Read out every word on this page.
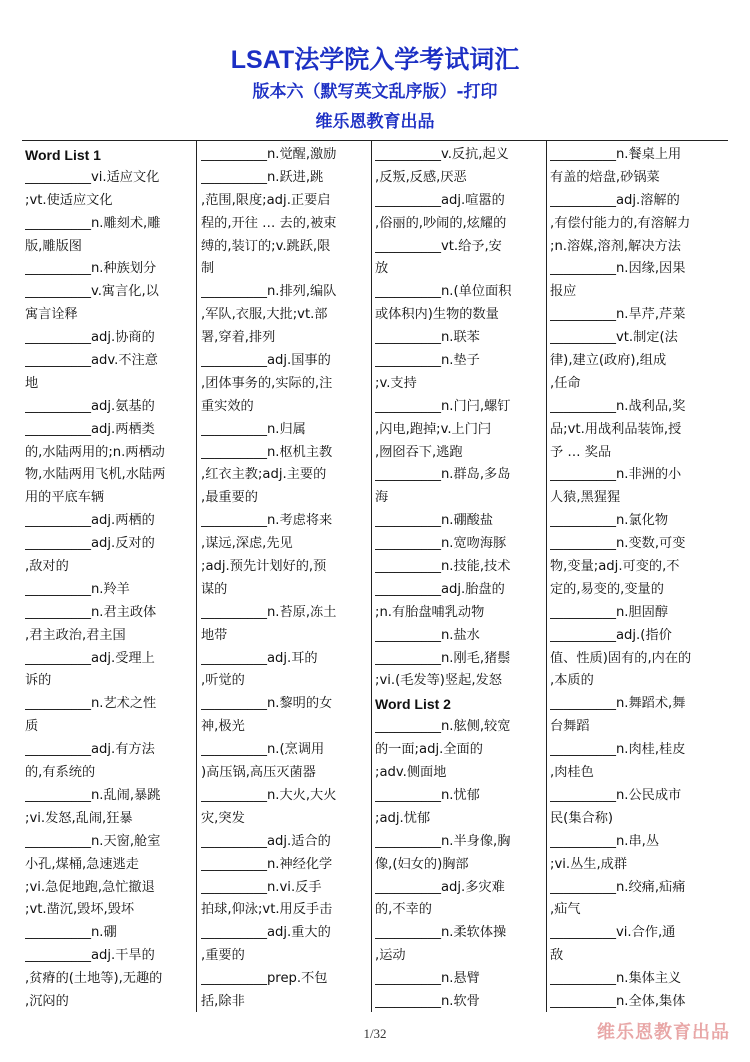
LSAT法学院入学考试词汇
版本六（默写英文乱序版）-打印
维乐恩教育出品
Word List 1
__________vi.适应文化
;vt.使适应文化
__________n.雕刻术,雕
版,雕版图
__________n.种族划分
__________v.寓言化,以
寓言诠释
__________adj.协商的
__________adv.不注意
地
__________adj.氨基的
__________adj.两栖类
的,水陆两用的;n.两栖动
物,水陆两用飞机,水陆两
用的平底车辆
__________adj.两栖的
__________adj.反对的
,敌对的
__________n.羚羊
__________n.君主政体
,君主政治,君主国
__________adj.受理上
诉的
__________n.艺术之性
质
__________adj.有方法
的,有系统的
__________n.乱闹,暴跳
;vi.发怒,乱闹,狂暴
__________n.天窗,舱室
小孔,煤桶,急速逃走
;vi.急促地跑,急忙撤退
;vt.凿沉,毁坏,毁坏
__________n.硼
__________adj.干旱的
,贫瘠的(土地等),无趣的
,沉闷的
__________n.觉醒,激励
__________n.跃进,跳
,范围,限度;adj.正要启
程的,开往 … 去的,被束
缚的,装订的;v.跳跃,限
制
__________n.排列,编队
,军队,衣服,大批;vt.部
署,穿着,排列
__________adj.国事的
,团体事务的,实际的,注
重实效的
__________n.归属
__________n.枢机主教
,红衣主教;adj.主要的
,最重要的
__________n.考虑将来
,谋远,深虑,先见
;adj.预先计划好的,预
谋的
__________n.苔原,冻土
地带
__________adj.耳的
,听觉的
__________n.黎明的女
神,极光
__________n.(烹调用
)高压锅,高压灭菌器
__________n.大火,大火
灾,突发
__________adj.适合的
__________n.神经化学
__________n.vi.反手
拍球,仰泳;vt.用反手击
__________adj.重大的
,重要的
__________prep.不包
括,除非
__________v.反抗,起义
,反叛,反感,厌恶
__________adj.喧嚣的
,俗丽的,吵闹的,炫耀的
__________vt.给予,安
放
__________n.(单位面积
或体积内)生物的数量
__________n.联苯
__________n.垫子
;v.支持
__________n.门闩,螺钉
,闪电,跑掉;v.上门闩
,囫囵吞下,逃跑
__________n.群岛,多岛
海
__________n.硼酸盐
__________n.宽吻海豚
__________n.技能,技术
__________adj.胎盘的
;n.有胎盘哺乳动物
__________n.盐水
__________n.刚毛,猪鬃
;vi.(毛发等)竖起,发怒
Word List 2
__________n.舷侧,较宽
的一面;adj.全面的
;adv.侧面地
__________n.忧郁
;adj.忧郁
__________n.半身像,胸
像,(妇女的)胸部
__________adj.多灾难
的,不幸的
__________n.柔软体操
,运动
__________n.悬臂
__________n.软骨
__________n.餐桌上用
有盖的焙盘,砂锅菜
__________adj.溶解的
,有偿付能力的,有溶解力
;n.溶媒,溶剂,解决方法
__________n.因缘,因果
报应
__________n.旱芹,芹菜
__________vt.制定(法
律),建立(政府),组成
,任命
__________n.战利品,奖
品;vt.用战利品装饰,授
予 … 奖品
__________n.非洲的小
人猿,黑猩猩
__________n.氯化物
__________n.变数,可变
物,变量;adj.可变的,不
定的,易变的,变量的
__________n.胆固醇
__________adj.(指价
值、性质)固有的,内在的
,本质的
__________n.舞蹈术,舞
台舞蹈
__________n.肉桂,桂皮
,肉桂色
__________n.公民成市
民(集合称)
__________n.串,丛
;vi.丛生,成群
__________n.绞痛,疝痛
,疝气
__________vi.合作,通
敌
__________n.集体主义
__________n.全体,集体
1/32	维乐恩教育出品
